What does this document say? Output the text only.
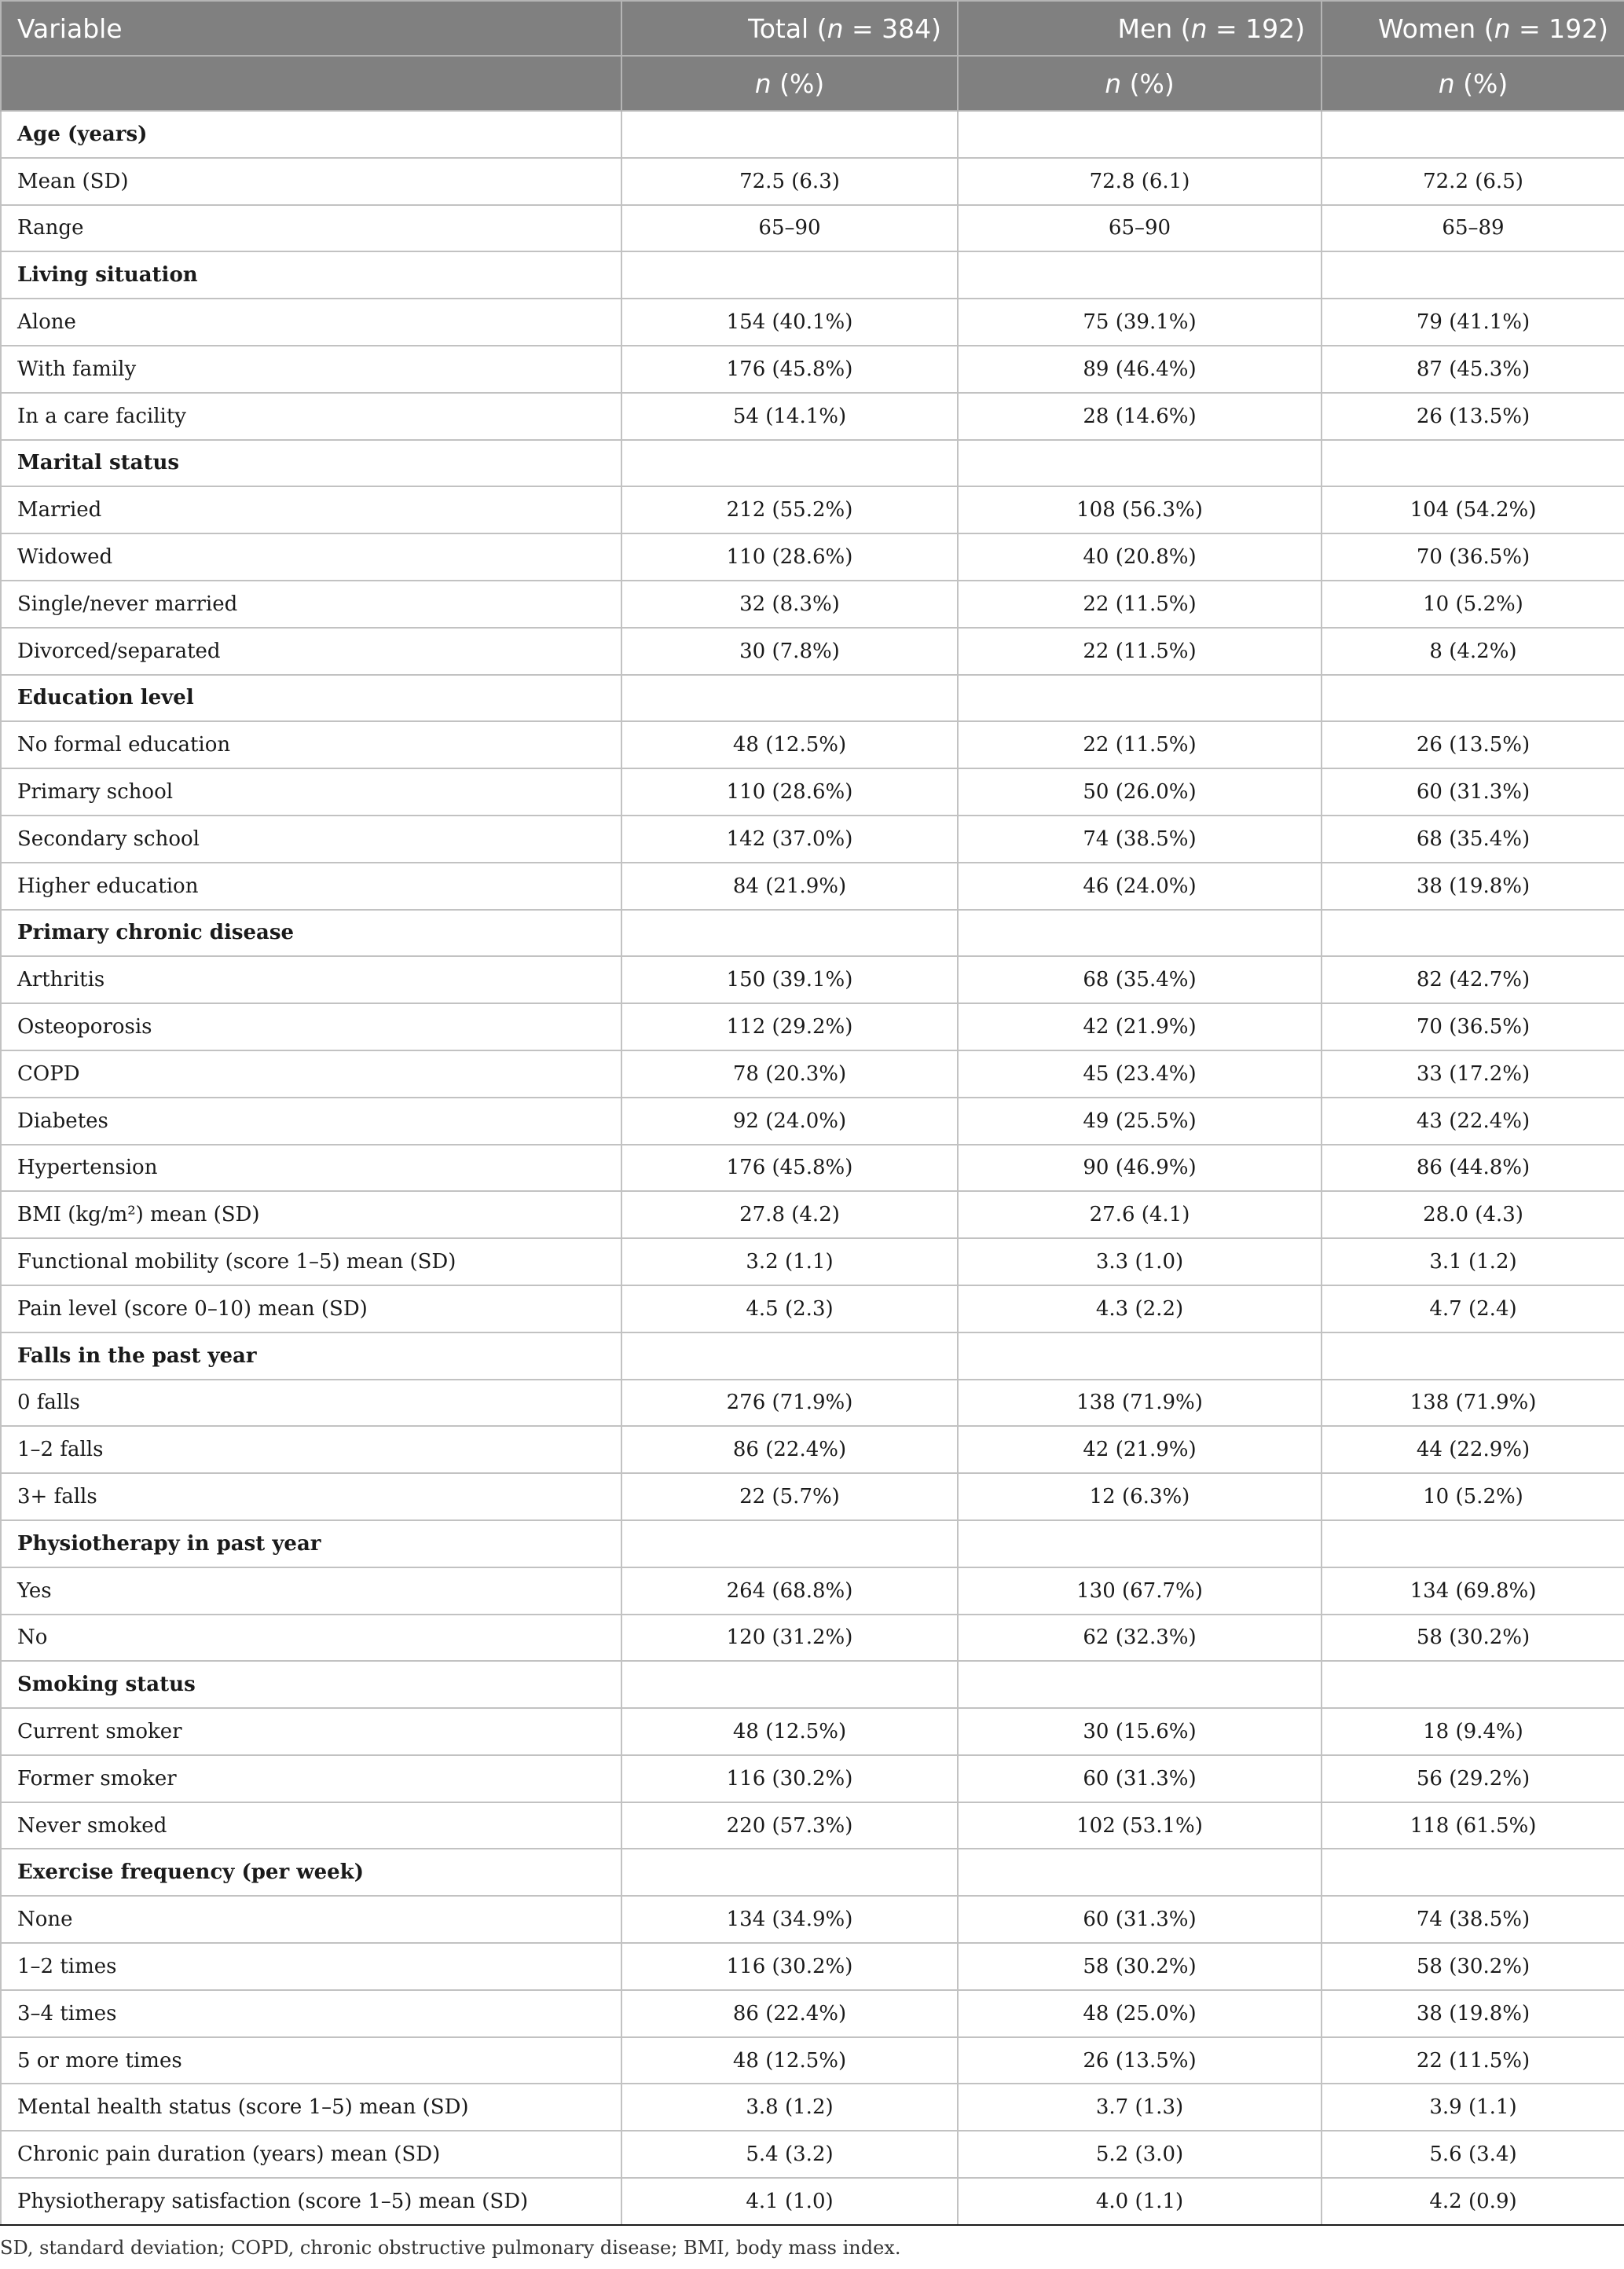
Variable	Total (n = 384)	Men (n = 192)	Women (n = 192)
	n (%)	n (%)	n (%)
Age (years)			
Mean (SD)	72.5 (6.3)	72.8 (6.1)	72.2 (6.5)
Range	65–90	65–90	65–89
Living situation			
Alone	154 (40.1%)	75 (39.1%)	79 (41.1%)
With family	176 (45.8%)	89 (46.4%)	87 (45.3%)
In a care facility	54 (14.1%)	28 (14.6%)	26 (13.5%)
Marital status			
Married	212 (55.2%)	108 (56.3%)	104 (54.2%)
Widowed	110 (28.6%)	40 (20.8%)	70 (36.5%)
Single/never married	32 (8.3%)	22 (11.5%)	10 (5.2%)
Divorced/separated	30 (7.8%)	22 (11.5%)	8 (4.2%)
Education level			
No formal education	48 (12.5%)	22 (11.5%)	26 (13.5%)
Primary school	110 (28.6%)	50 (26.0%)	60 (31.3%)
Secondary school	142 (37.0%)	74 (38.5%)	68 (35.4%)
Higher education	84 (21.9%)	46 (24.0%)	38 (19.8%)
Primary chronic disease			
Arthritis	150 (39.1%)	68 (35.4%)	82 (42.7%)
Osteoporosis	112 (29.2%)	42 (21.9%)	70 (36.5%)
COPD	78 (20.3%)	45 (23.4%)	33 (17.2%)
Diabetes	92 (24.0%)	49 (25.5%)	43 (22.4%)
Hypertension	176 (45.8%)	90 (46.9%)	86 (44.8%)
BMI (kg/m²) mean (SD)	27.8 (4.2)	27.6 (4.1)	28.0 (4.3)
Functional mobility (score 1–5) mean (SD)	3.2 (1.1)	3.3 (1.0)	3.1 (1.2)
Pain level (score 0–10) mean (SD)	4.5 (2.3)	4.3 (2.2)	4.7 (2.4)
Falls in the past year			
0 falls	276 (71.9%)	138 (71.9%)	138 (71.9%)
1–2 falls	86 (22.4%)	42 (21.9%)	44 (22.9%)
3+ falls	22 (5.7%)	12 (6.3%)	10 (5.2%)
Physiotherapy in past year			
Yes	264 (68.8%)	130 (67.7%)	134 (69.8%)
No	120 (31.2%)	62 (32.3%)	58 (30.2%)
Smoking status			
Current smoker	48 (12.5%)	30 (15.6%)	18 (9.4%)
Former smoker	116 (30.2%)	60 (31.3%)	56 (29.2%)
Never smoked	220 (57.3%)	102 (53.1%)	118 (61.5%)
Exercise frequency (per week)			
None	134 (34.9%)	60 (31.3%)	74 (38.5%)
1–2 times	116 (30.2%)	58 (30.2%)	58 (30.2%)
3–4 times	86 (22.4%)	48 (25.0%)	38 (19.8%)
5 or more times	48 (12.5%)	26 (13.5%)	22 (11.5%)
Mental health status (score 1–5) mean (SD)	3.8 (1.2)	3.7 (1.3)	3.9 (1.1)
Chronic pain duration (years) mean (SD)	5.4 (3.2)	5.2 (3.0)	5.6 (3.4)
Physiotherapy satisfaction (score 1–5) mean (SD)	4.1 (1.0)	4.0 (1.1)	4.2 (0.9)
SD, standard deviation; COPD, chronic obstructive pulmonary disease; BMI, body mass index.
